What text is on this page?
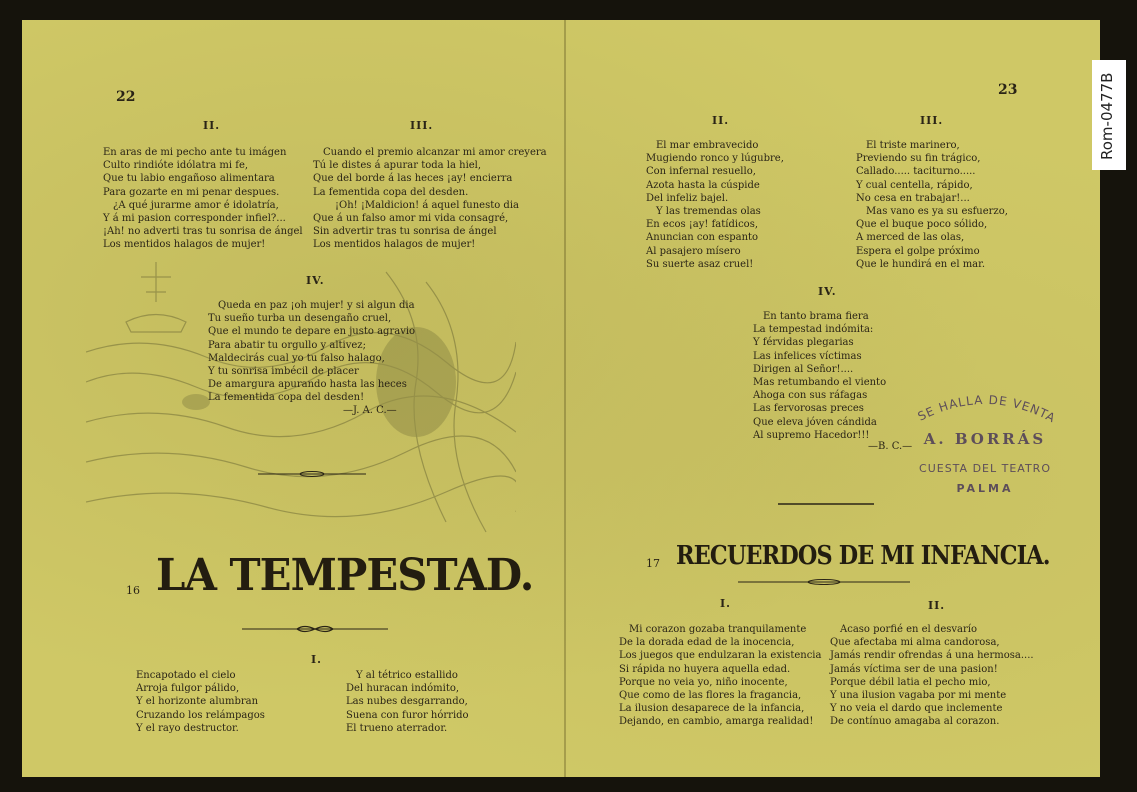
22
II.
En aras de mi pecho ante tu imágen
Culto rindióte idólatra mi fe,
Que tu labio engañoso alimentara
Para gozarte en mi penar despues.
¿A qué jurarme amor é idolatría,
Y á mi pasion corresponder infiel?...
¡Ah! no adverti tras tu sonrisa de ángel
Los mentidos halagos de mujer!
III.
Cuando el premio alcanzar mi amor creyera
Tú le distes á apurar toda la hiel,
Que del borde á las heces ¡ay! encierra
La fementida copa del desden.
¡Oh! ¡Maldicion! á aquel funesto dia
Que á un falso amor mi vida consagré,
Sin advertir tras tu sonrisa de ángel
Los mentidos halagos de mujer!
IV.
Queda en paz ¡oh mujer! y si algun dia
Tu sueño turba un desengaño cruel,
Que el mundo te depare en justo agravio
Para abatir tu orgullo y altivez;
Maldecirás cual yo tu falso halago,
Y tu sonrisa imbécil de placer
De amargura apurando hasta las heces
La fementida copa del desden!
—J. A. C.—
16 LA TEMPESTAD.
I.
Encapotado el cielo
Arroja fulgor pálido,
Y el horizonte alumbran
Cruzando los relámpagos
Y el rayo destructor.
Y al tétrico estallido
Del huracan indómito,
Las nubes desgarrando,
Suena con furor hórrido
El trueno aterrador.
23
II.
El mar embravecido
Mugiendo ronco y lúgubre,
Con infernal resuello,
Azota hasta la cúspide
Del infeliz bajel.
Y las tremendas olas
En ecos ¡ay! fatídicos,
Anuncian con espanto
Al pasajero mísero
Su suerte asaz cruel!
III.
El triste marinero,
Previendo su fin trágico,
Callado..... taciturno.....
Y cual centella, rápido,
No cesa en trabajar!...
Mas vano es ya su esfuerzo,
Que el buque poco sólido,
A merced de las olas,
Espera el golpe próximo
Que le hundirá en el mar.
IV.
En tanto brama fiera
La tempestad indómita:
Y férvidas plegarias
Las infelices víctimas
Dirigen al Señor!....
Mas retumbando el viento
Ahoga con sus ráfagas
Las fervorosas preces
Que eleva jóven cándida
Al supremo Hacedor!!!
—B. C.—
SE HALLA DE VENTA
A. BORRÁS
CUESTA DEL TEATRO
PALMA
17 RECUERDOS DE MI INFANCIA.
I.
Mi corazon gozaba tranquilamente
De la dorada edad de la inocencia,
Los juegos que endulzaran la existencia
Si rápida no huyera aquella edad.
Porque no veia yo, niño inocente,
Que como de las flores la fragancia,
La ilusion desaparece de la infancia,
Dejando, en cambio, amarga realidad!
II.
Acaso porfié en el desvarío
Que afectaba mi alma candorosa,
Jamás rendir ofrendas á una hermosa....
Jamás víctima ser de una pasion!
Porque débil latia el pecho mio,
Y una ilusion vagaba por mi mente
Y no veia el dardo que inclemente
De contínuo amagaba al corazon.
Rom-0477B
